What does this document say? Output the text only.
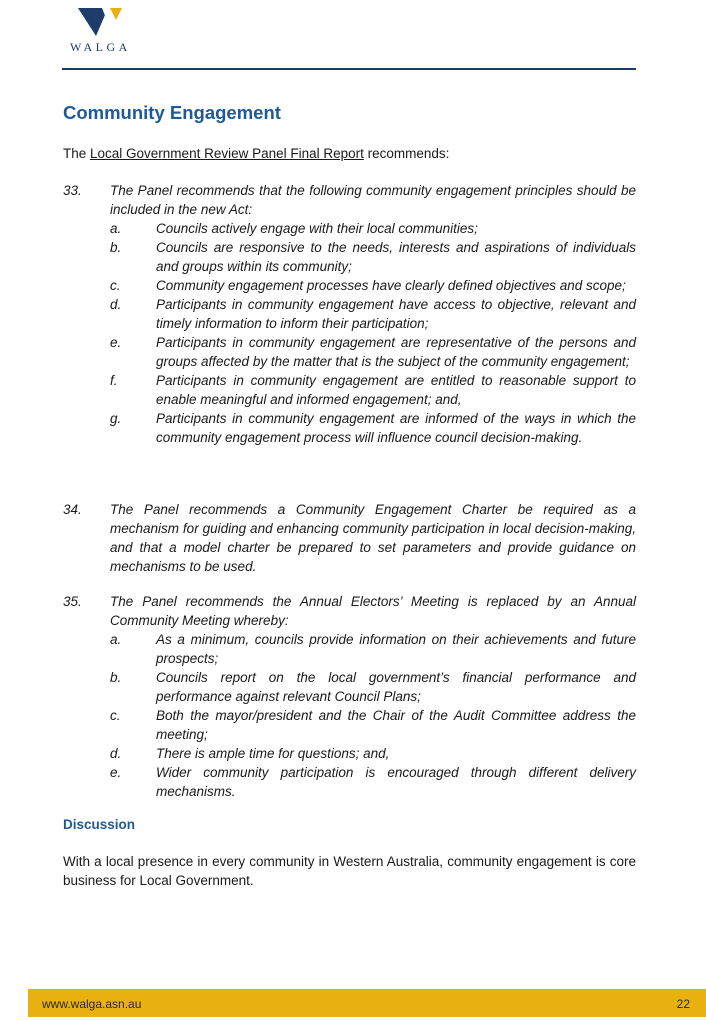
WALGA
Community Engagement

The Local Government Review Panel Final Report recommends:

33. The Panel recommends that the following community engagement principles should be included in the new Act:
a.	Councils actively engage with their local communities;
b.	Councils are responsive to the needs, interests and aspirations of individuals and groups within its community;
c.	Community engagement processes have clearly defined objectives and scope;
d.	Participants in community engagement have access to objective, relevant and timely information to inform their participation;
e.	Participants in community engagement are representative of the persons and groups affected by the matter that is the subject of the community engagement;
f.	Participants in community engagement are entitled to reasonable support to enable meaningful and informed engagement; and,
g.	Participants in community engagement are informed of the ways in which the community engagement process will influence council decision-making.
34. The Panel recommends a Community Engagement Charter be required as a mechanism for guiding and enhancing community participation in local decision-making, and that a model charter be prepared to set parameters and provide guidance on mechanisms to be used.
35. The Panel recommends the Annual Electors’ Meeting is replaced by an Annual Community Meeting whereby:
a.	As a minimum, councils provide information on their achievements and future prospects;
b.	Councils report on the local government’s financial performance and performance against relevant Council Plans;
c.	Both the mayor/president and the Chair of the Audit Committee address the meeting;
d.	There is ample time for questions; and,
e.	Wider community participation is encouraged through different delivery mechanisms.
Discussion

With a local presence in every community in Western Australia, community engagement is core business for Local Government.

www.walga.asn.au	22
